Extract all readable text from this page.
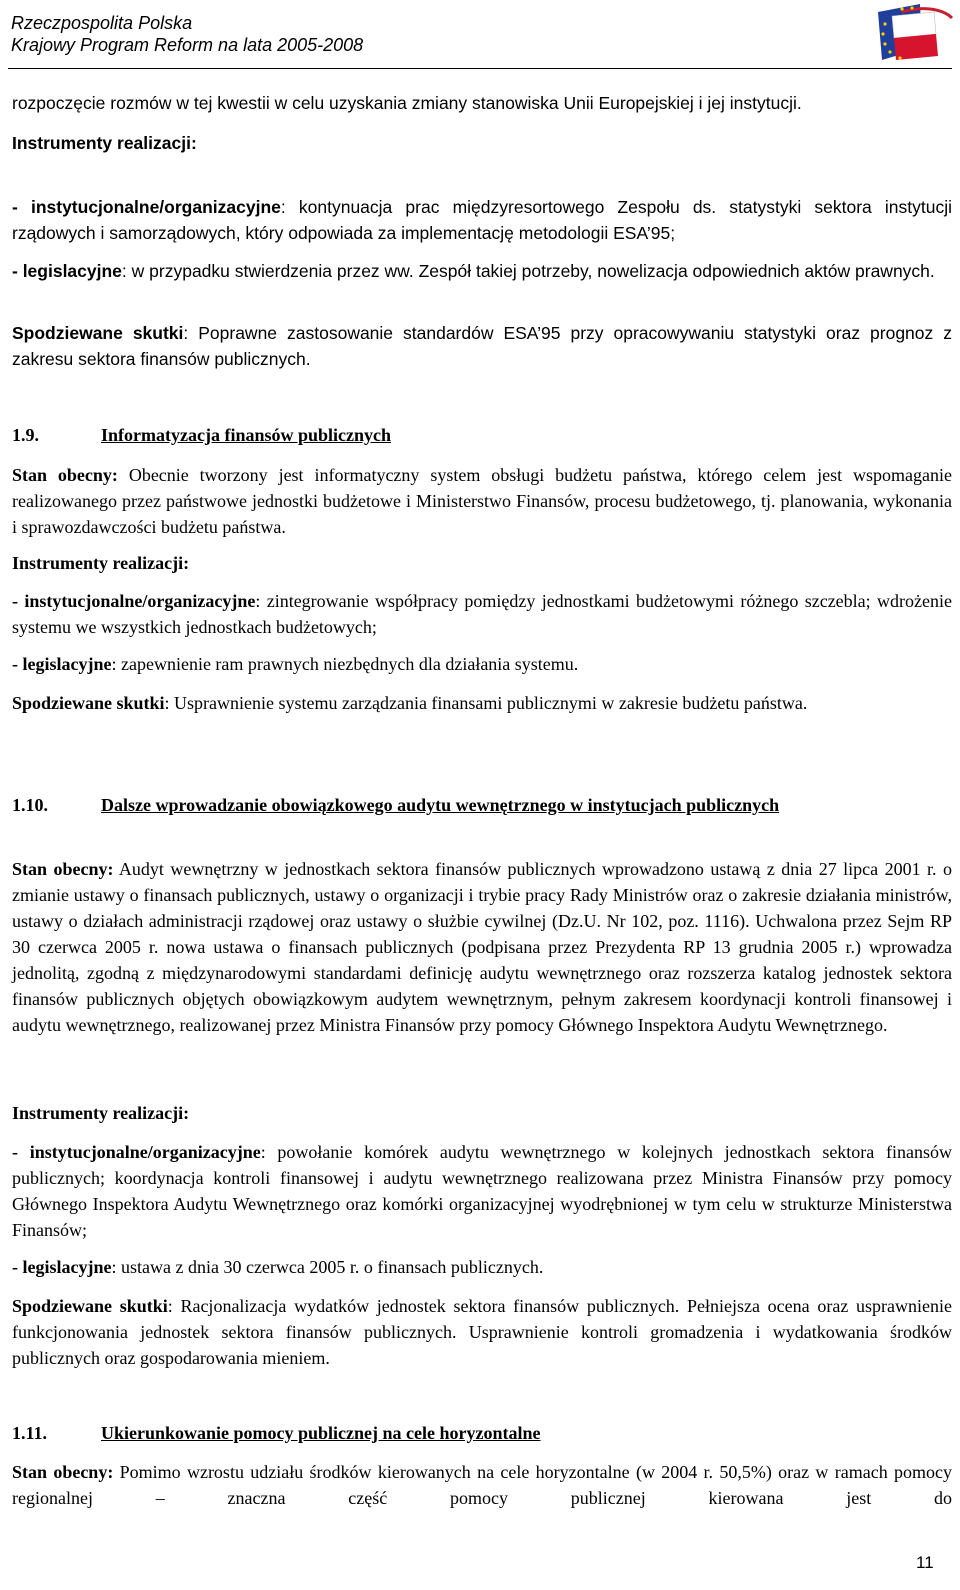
Rzeczpospolita Polska
Krajowy Program Reform na lata 2005-2008

rozpoczęcie rozmów w tej kwestii w celu uzyskania zmiany stanowiska Unii Europejskiej i jej instytucji.

Instrumenty realizacji:

- instytucjonalne/organizacyjne: kontynuacja prac międzyresortowego Zespołu ds. statystyki sektora instytucji rządowych i samorządowych, który odpowiada za implementację metodologii ESA’95;

- legislacyjne: w przypadku stwierdzenia przez ww. Zespół takiej potrzeby, nowelizacja odpowiednich aktów prawnych.

Spodziewane skutki: Poprawne zastosowanie standardów ESA’95 przy opracowywaniu statystyki oraz prognoz z zakresu sektora finansów publicznych.

1.9.	Informatyzacja finansów publicznych

Stan obecny: Obecnie tworzony jest informatyczny system obsługi budżetu państwa, którego celem jest wspomaganie realizowanego przez państwowe jednostki budżetowe i Ministerstwo Finansów, procesu budżetowego, tj. planowania, wykonania i sprawozdawczości budżetu państwa.

Instrumenty realizacji:

- instytucjonalne/organizacyjne: zintegrowanie współpracy pomiędzy jednostkami budżetowymi różnego szczebla; wdrożenie systemu we wszystkich jednostkach budżetowych;

- legislacyjne: zapewnienie ram prawnych niezbędnych dla działania systemu.

Spodziewane skutki: Usprawnienie systemu zarządzania finansami publicznymi w zakresie budżetu państwa.

1.10.	Dalsze wprowadzanie obowiązkowego audytu wewnętrznego w instytucjach publicznych

Stan obecny: Audyt wewnętrzny w jednostkach sektora finansów publicznych wprowadzono ustawą z dnia 27 lipca 2001 r. o zmianie ustawy o finansach publicznych, ustawy o organizacji i trybie pracy Rady Ministrów oraz o zakresie działania ministrów, ustawy o działach administracji rządowej oraz ustawy o służbie cywilnej (Dz.U. Nr 102, poz. 1116). Uchwalona przez Sejm RP 30 czerwca 2005 r. nowa ustawa o finansach publicznych (podpisana przez Prezydenta RP 13 grudnia 2005 r.) wprowadza jednolitą, zgodną z międzynarodowymi standardami definicję audytu wewnętrznego oraz rozszerza katalog jednostek sektora finansów publicznych objętych obowiązkowym audytem wewnętrznym, pełnym zakresem koordynacji kontroli finansowej i audytu wewnętrznego, realizowanej przez Ministra Finansów przy pomocy Głównego Inspektora Audytu Wewnętrznego.

Instrumenty realizacji:

- instytucjonalne/organizacyjne: powołanie komórek audytu wewnętrznego w kolejnych jednostkach sektora finansów publicznych; koordynacja kontroli finansowej i audytu wewnętrznego realizowana przez Ministra Finansów przy pomocy Głównego Inspektora Audytu Wewnętrznego oraz komórki organizacyjnej wyodrębnionej w tym celu w strukturze Ministerstwa Finansów;

- legislacyjne: ustawa z dnia 30 czerwca 2005 r. o finansach publicznych.

Spodziewane skutki: Racjonalizacja wydatków jednostek sektora finansów publicznych. Pełniejsza ocena oraz usprawnienie funkcjonowania jednostek sektora finansów publicznych. Usprawnienie kontroli gromadzenia i wydatkowania środków publicznych oraz gospodarowania mieniem.

1.11.	Ukierunkowanie pomocy publicznej na cele horyzontalne

Stan obecny: Pomimo wzrostu udziału środków kierowanych na cele horyzontalne (w 2004 r. 50,5%) oraz w ramach pomocy regionalnej – znaczna część pomocy publicznej kierowana jest do

11
